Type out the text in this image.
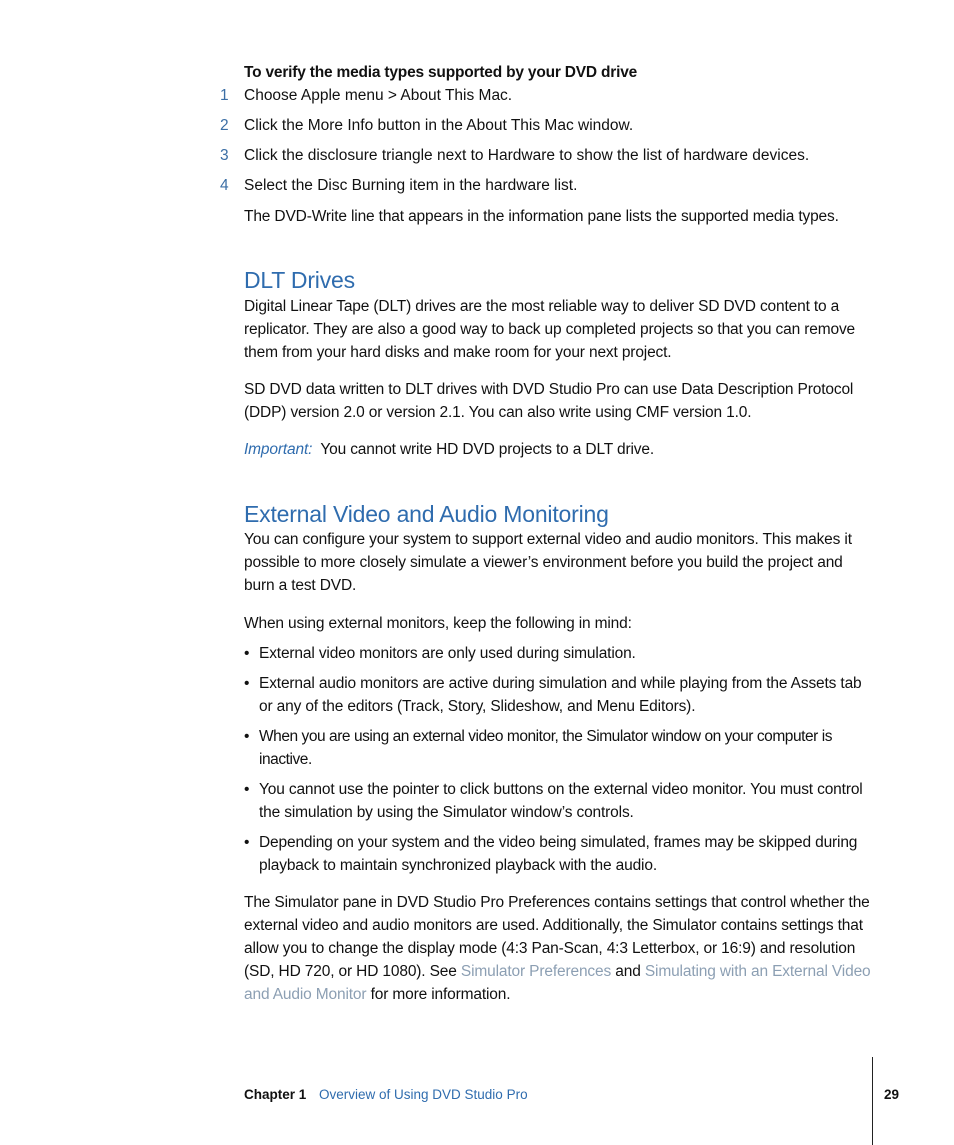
To verify the media types supported by your DVD drive
1 Choose Apple menu > About This Mac.
2 Click the More Info button in the About This Mac window.
3 Click the disclosure triangle next to Hardware to show the list of hardware devices.
4 Select the Disc Burning item in the hardware list.
The DVD-Write line that appears in the information pane lists the supported media types.
DLT Drives
Digital Linear Tape (DLT) drives are the most reliable way to deliver SD DVD content to a replicator. They are also a good way to back up completed projects so that you can remove them from your hard disks and make room for your next project.
SD DVD data written to DLT drives with DVD Studio Pro can use Data Description Protocol (DDP) version 2.0 or version 2.1. You can also write using CMF version 1.0.
Important: You cannot write HD DVD projects to a DLT drive.
External Video and Audio Monitoring
You can configure your system to support external video and audio monitors. This makes it possible to more closely simulate a viewer’s environment before you build the project and burn a test DVD.
When using external monitors, keep the following in mind:
• External video monitors are only used during simulation.
• External audio monitors are active during simulation and while playing from the Assets tab or any of the editors (Track, Story, Slideshow, and Menu Editors).
• When you are using an external video monitor, the Simulator window on your computer is inactive.
• You cannot use the pointer to click buttons on the external video monitor. You must control the simulation by using the Simulator window’s controls.
• Depending on your system and the video being simulated, frames may be skipped during playback to maintain synchronized playback with the audio.
The Simulator pane in DVD Studio Pro Preferences contains settings that control whether the external video and audio monitors are used. Additionally, the Simulator contains settings that allow you to change the display mode (4:3 Pan-Scan, 4:3 Letterbox, or 16:9) and resolution (SD, HD 720, or HD 1080). See Simulator Preferences and Simulating with an External Video and Audio Monitor for more information.
Chapter 1 Overview of Using DVD Studio Pro	29
